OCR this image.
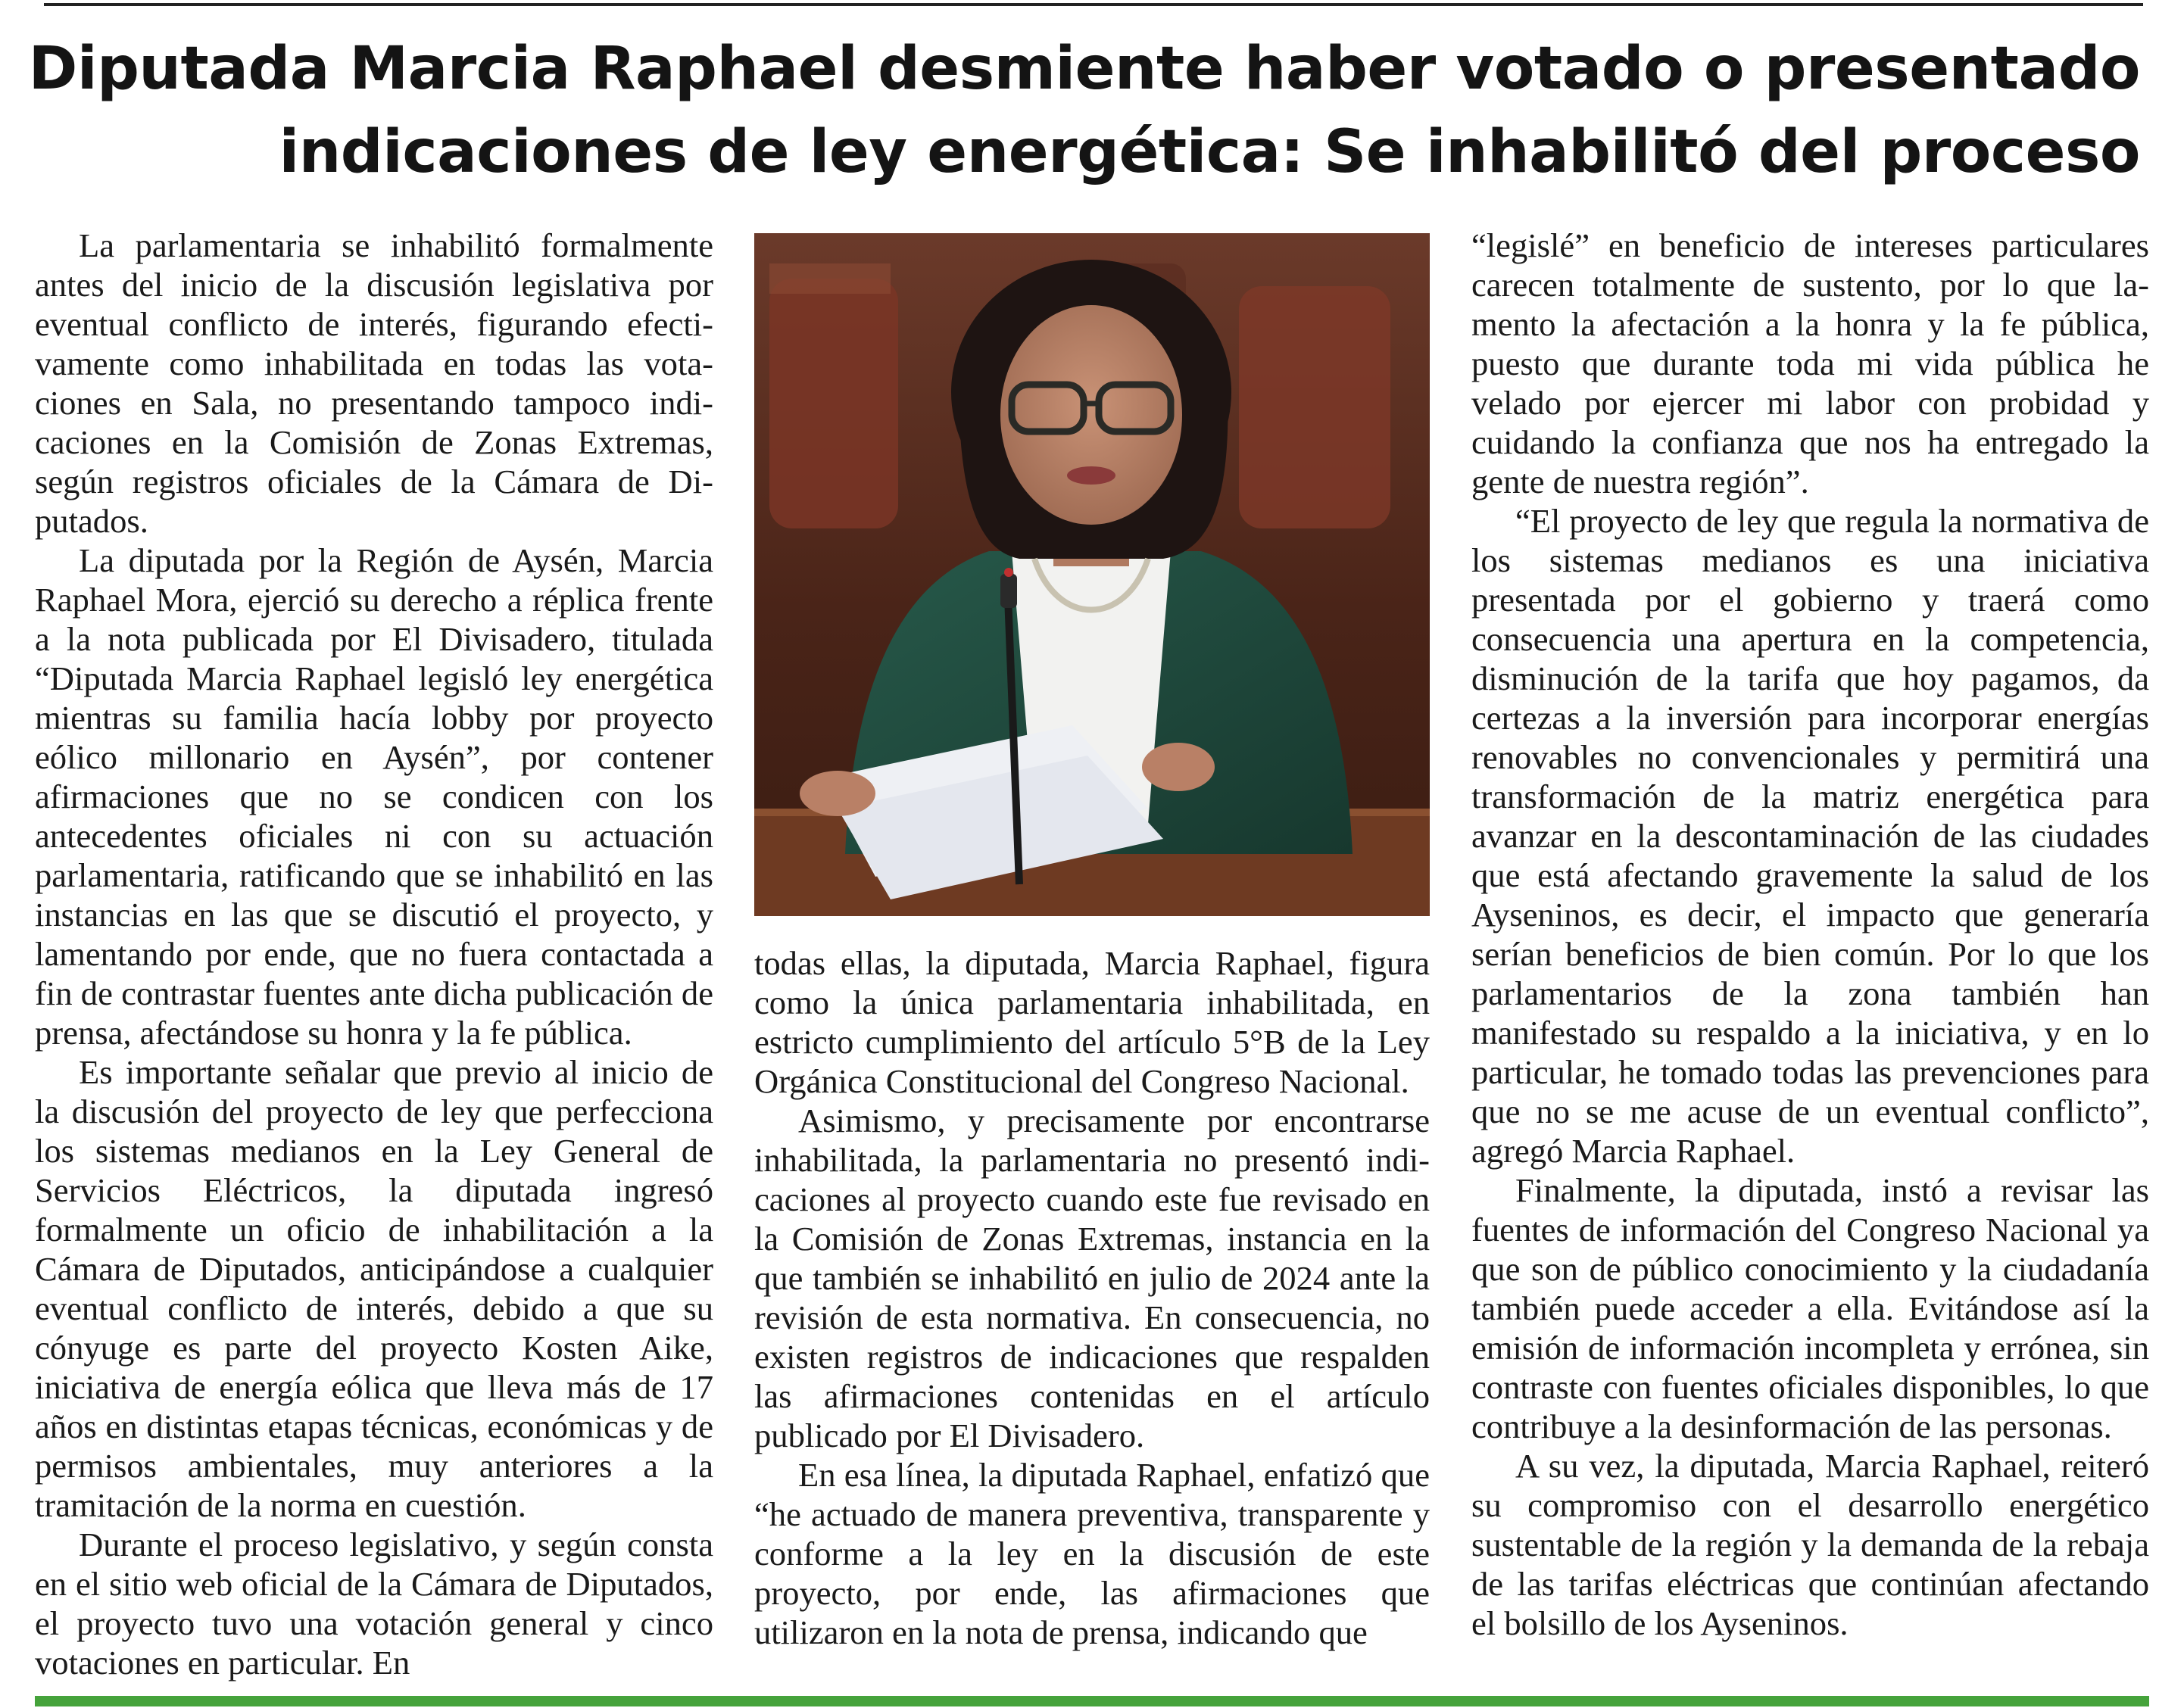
Diputada Marcia Raphael desmiente haber votado o presentado
indicaciones de ley energética: Se inhabilitó del proceso

La parlamentaria se inhabilitó formalmente antes del inicio de la discusión legislativa por eventual conflicto de interés, figurando efectivamente como inhabilitada en todas las votaciones en Sala, no presentando tampoco indicaciones en la Comisión de Zonas Extremas, según registros oficiales de la Cámara de Diputados.

La diputada por la Región de Aysén, Marcia Raphael Mora, ejerció su derecho a réplica frente a la nota publicada por El Divisadero, titulada “Diputada Marcia Raphael legisló ley energética mientras su familia hacía lobby por proyecto eólico millonario en Aysén”, por contener afirmaciones que no se condicen con los antecedentes oficiales ni con su actuación parlamentaria, ratificando que se inhabilitó en las instancias en las que se discutió el proyecto, y lamentando por ende, que no fuera contactada a fin de contrastar fuentes ante dicha publicación de prensa, afectándose su honra y la fe pública.

Es importante señalar que previo al inicio de la discusión del proyecto de ley que perfecciona los sistemas medianos en la Ley General de Servicios Eléctricos, la diputada ingresó formalmente un oficio de inhabilitación a la Cámara de Diputados, anticipándose a cualquier eventual conflicto de interés, debido a que su cónyuge es parte del proyecto Kosten Aike, iniciativa de energía eólica que lleva más de 17 años en distintas etapas técnicas, económicas y de permisos ambientales, muy anteriores a la tramitación de la norma en cuestión.

Durante el proceso legislativo, y según consta en el sitio web oficial de la Cámara de Diputados, el proyecto tuvo una votación general y cinco votaciones en particular. En

todas ellas, la diputada, Marcia Raphael, figura como la única parlamentaria inhabilitada, en estricto cumplimiento del artículo 5°B de la Ley Orgánica Constitucional del Congreso Nacional.

Asimismo, y precisamente por encontrarse inhabilitada, la parlamentaria no presentó indicaciones al proyecto cuando este fue revisado en la Comisión de Zonas Extremas, instancia en la que también se inhabilitó en julio de 2024 ante la revisión de esta normativa. En consecuencia, no existen registros de indicaciones que respalden las afirmaciones contenidas en el artículo publicado por El Divisadero.

En esa línea, la diputada Raphael, enfatizó que “he actuado de manera preventiva, transparente y conforme a la ley en la discusión de este proyecto, por ende, las afirmaciones que utilizaron en la nota de prensa, indicando que

“legislé” en beneficio de intereses particulares carecen totalmente de sustento, por lo que lamento la afectación a la honra y la fe pública, puesto que durante toda mi vida pública he velado por ejercer mi labor con probidad y cuidando la confianza que nos ha entregado la gente de nuestra región”.

“El proyecto de ley que regula la normativa de los sistemas medianos es una iniciativa presentada por el gobierno y traerá como consecuencia una apertura en la competencia, disminución de la tarifa que hoy pagamos, da certezas a la inversión para incorporar energías renovables no convencionales y permitirá una transformación de la matriz energética para avanzar en la descontaminación de las ciudades que está afectando gravemente la salud de los Ayseninos, es decir, el impacto que generaría serían beneficios de bien común. Por lo que los parlamentarios de la zona también han manifestado su respaldo a la iniciativa, y en lo particular, he tomado todas las prevenciones para que no se me acuse de un eventual conflicto”, agregó Marcia Raphael.

Finalmente, la diputada, instó a revisar las fuentes de información del Congreso Nacional ya que son de público conocimiento y la ciudadanía también puede acceder a ella. Evitándose así la emisión de información incompleta y errónea, sin contraste con fuentes oficiales disponibles, lo que contribuye a la desinformación de las personas.

A su vez, la diputada, Marcia Raphael, reiteró su compromiso con el desarrollo energético sustentable de la región y la demanda de la rebaja de las tarifas eléctricas que continúan afectando el bolsillo de los Ayseninos.
